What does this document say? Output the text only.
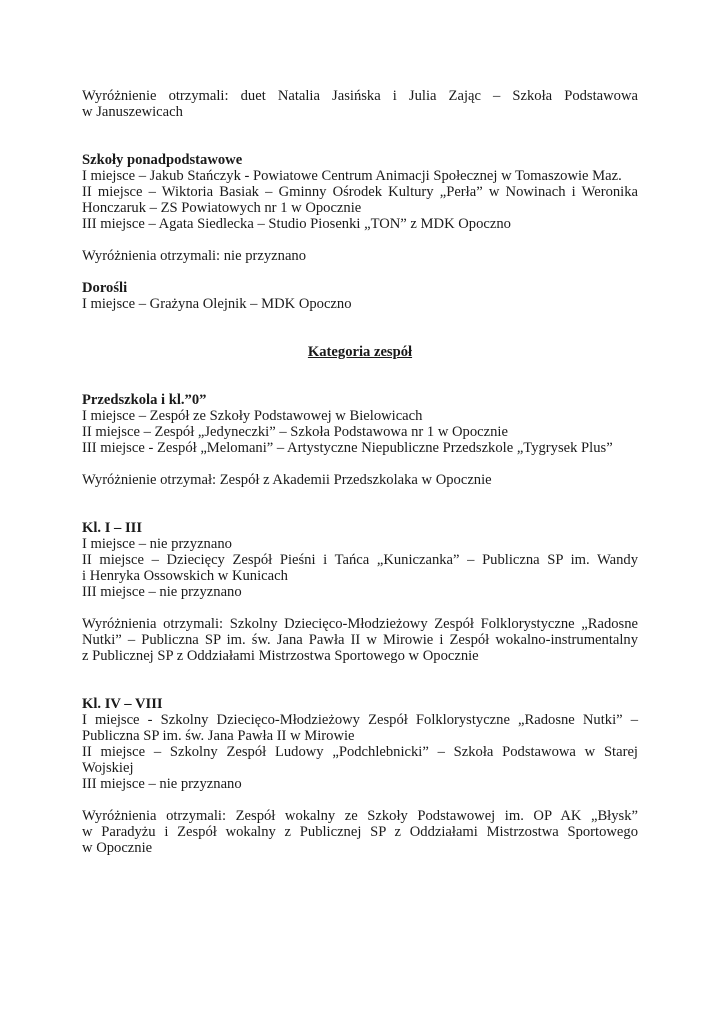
Wyróżnienie otrzymali: duet Natalia Jasińska i Julia Zając – Szkoła Podstawowa

w Januszewicach

Szkoły ponadpodstawowe

I miejsce – Jakub Stańczyk - Powiatowe Centrum Animacji Społecznej w Tomaszowie Maz.

II miejsce – Wiktoria Basiak – Gminny Ośrodek Kultury „Perła” w Nowinach i Weronika

Honczaruk – ZS Powiatowych nr 1 w Opocznie

III miejsce – Agata Siedlecka – Studio Piosenki „TON” z MDK Opoczno

Wyróżnienia otrzymali: nie przyznano

Dorośli

I miejsce – Grażyna Olejnik – MDK Opoczno

Kategoria zespół

Przedszkola i kl.”0”

I miejsce – Zespół ze Szkoły Podstawowej w Bielowicach

II miejsce – Zespół „Jedyneczki” – Szkoła Podstawowa nr 1 w Opocznie

III miejsce - Zespół „Melomani” – Artystyczne Niepubliczne Przedszkole „Tygrysek Plus”

Wyróżnienie otrzymał: Zespół z Akademii Przedszkolaka w Opocznie

Kl. I – III

I miejsce – nie przyznano

II miejsce – Dziecięcy Zespół Pieśni i Tańca „Kuniczanka” – Publiczna SP im. Wandy

i Henryka Ossowskich w Kunicach

III miejsce – nie przyznano

Wyróżnienia otrzymali: Szkolny Dziecięco-Młodzieżowy Zespół Folklorystyczne „Radosne

Nutki” – Publiczna SP im. św. Jana Pawła II w Mirowie i Zespół wokalno-instrumentalny

z Publicznej SP z Oddziałami Mistrzostwa Sportowego w Opocznie

Kl. IV – VIII

I miejsce - Szkolny Dziecięco-Młodzieżowy Zespół Folklorystyczne „Radosne Nutki” –

Publiczna SP im. św. Jana Pawła II w Mirowie

II miejsce – Szkolny Zespół Ludowy „Podchlebnicki” – Szkoła Podstawowa w Starej

Wojskiej

III miejsce – nie przyznano

Wyróżnienia otrzymali: Zespół wokalny ze Szkoły Podstawowej im. OP AK „Błysk”

w Paradyżu i Zespół wokalny z Publicznej SP z Oddziałami Mistrzostwa Sportowego

w Opocznie
